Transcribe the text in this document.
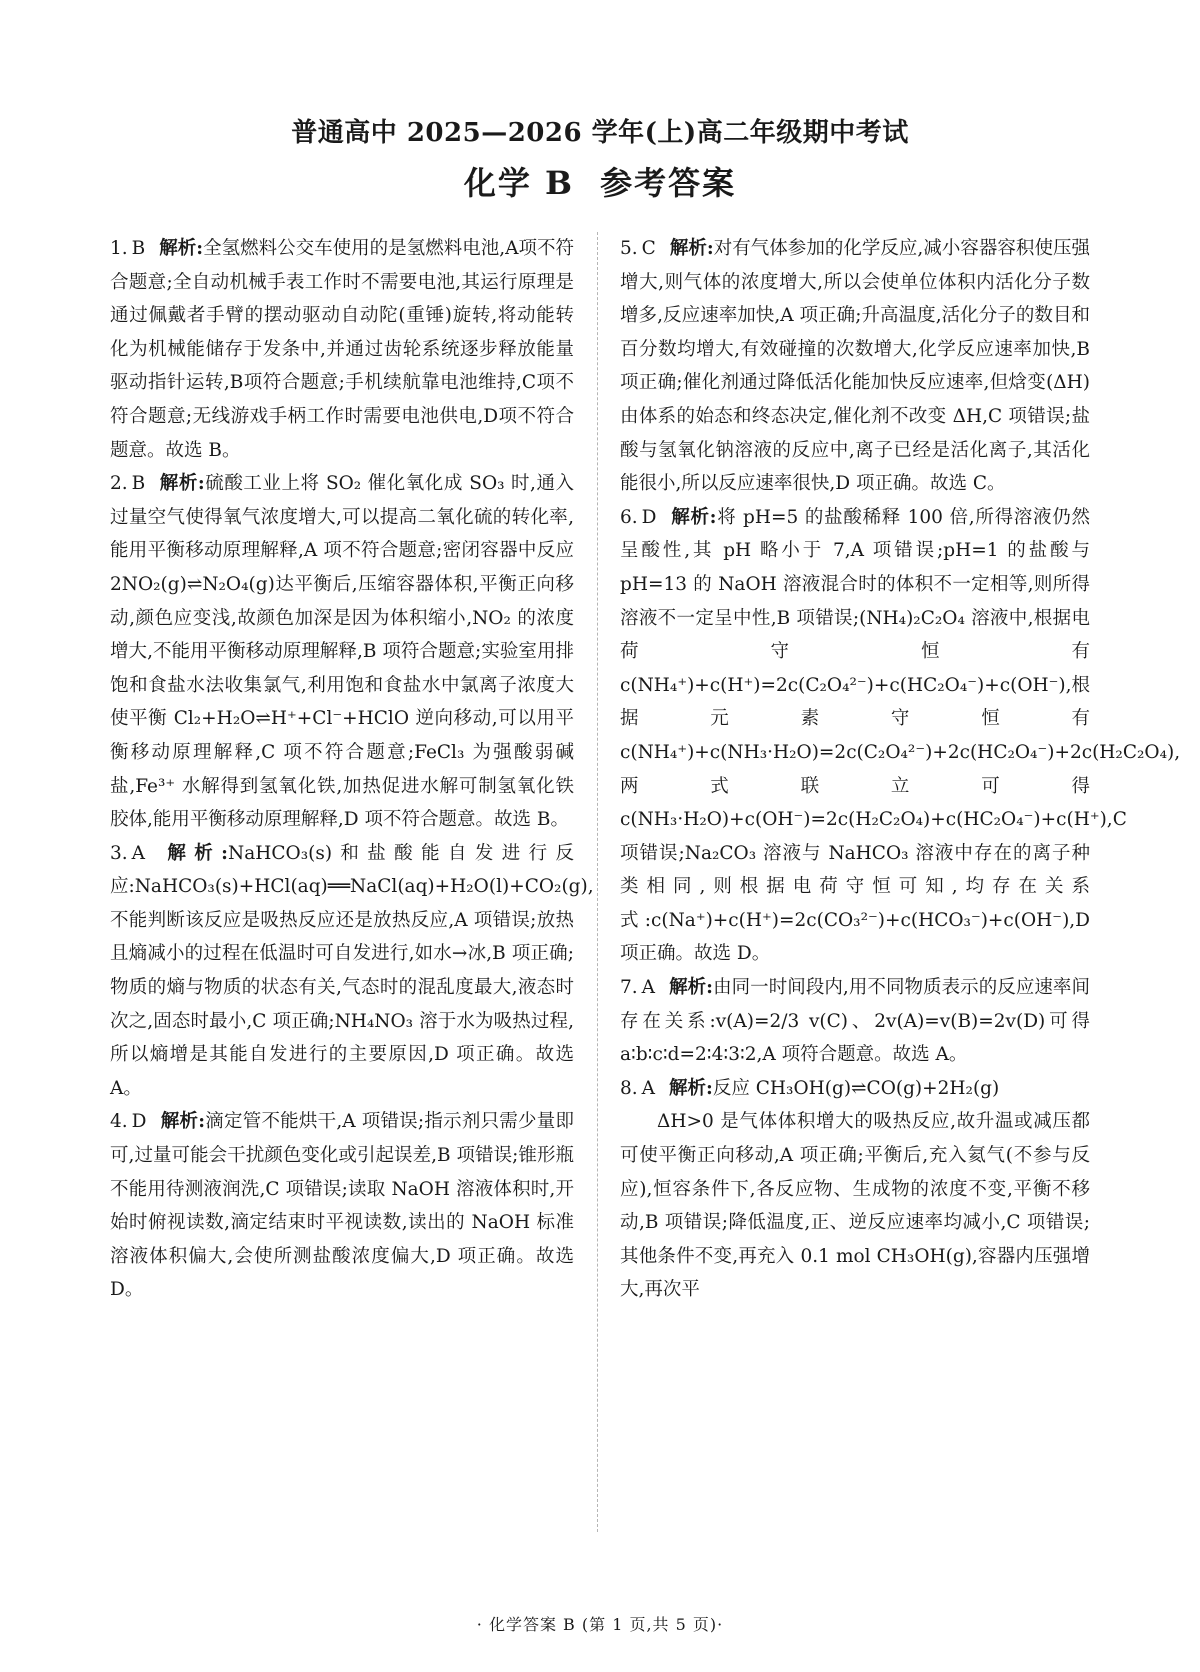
普通高中 2025—2026 学年(上)高二年级期中考试
化学 B 参考答案

1. B 解析:全氢燃料公交车使用的是氢燃料电池,A项不符合题意;全自动机械手表工作时不需要电池,其运行原理是通过佩戴者手臂的摆动驱动自动陀(重锤)旋转,将动能转化为机械能储存于发条中,并通过齿轮系统逐步释放能量驱动指针运转,B项符合题意;手机续航靠电池维持,C项不符合题意;无线游戏手柄工作时需要电池供电,D项不符合题意。故选 B。

2. B 解析:硫酸工业上将 SO₂ 催化氧化成 SO₃ 时,通入过量空气使得氧气浓度增大,可以提高二氧化硫的转化率,能用平衡移动原理解释,A 项不符合题意;密闭容器中反应 2NO₂(g)⇌N₂O₄(g)达平衡后,压缩容器体积,平衡正向移动,颜色应变浅,故颜色加深是因为体积缩小,NO₂ 的浓度增大,不能用平衡移动原理解释,B 项符合题意;实验室用排饱和食盐水法收集氯气,利用饱和食盐水中氯离子浓度大使平衡 Cl₂+H₂O⇌H⁺+Cl⁻+HClO 逆向移动,可以用平衡移动原理解释,C 项不符合题意;FeCl₃ 为强酸弱碱盐,Fe³⁺ 水解得到氢氧化铁,加热促进水解可制氢氧化铁胶体,能用平衡移动原理解释,D 项不符合题意。故选 B。

3. A 解析:NaHCO₃(s)和盐酸能自发进行反应:NaHCO₃(s)+HCl(aq)══NaCl(aq)+H₂O(l)+CO₂(g),不能判断该反应是吸热反应还是放热反应,A 项错误;放热且熵减小的过程在低温时可自发进行,如水→冰,B 项正确;物质的熵与物质的状态有关,气态时的混乱度最大,液态时次之,固态时最小,C 项正确;NH₄NO₃ 溶于水为吸热过程,所以熵增是其能自发进行的主要原因,D 项正确。故选 A。

4. D 解析:滴定管不能烘干,A 项错误;指示剂只需少量即可,过量可能会干扰颜色变化或引起误差,B 项错误;锥形瓶不能用待测液润洗,C 项错误;读取 NaOH 溶液体积时,开始时俯视读数,滴定结束时平视读数,读出的 NaOH 标准溶液体积偏大,会使所测盐酸浓度偏大,D 项正确。故选 D。

5. C 解析:对有气体参加的化学反应,减小容器容积使压强增大,则气体的浓度增大,所以会使单位体积内活化分子数增多,反应速率加快,A 项正确;升高温度,活化分子的数目和百分数均增大,有效碰撞的次数增大,化学反应速率加快,B 项正确;催化剂通过降低活化能加快反应速率,但焓变(ΔH)由体系的始态和终态决定,催化剂不改变 ΔH,C 项错误;盐酸与氢氧化钠溶液的反应中,离子已经是活化离子,其活化能很小,所以反应速率很快,D 项正确。故选 C。

6. D 解析:将 pH=5 的盐酸稀释 100 倍,所得溶液仍然呈酸性,其 pH 略小于 7,A 项错误;pH=1 的盐酸与 pH=13 的 NaOH 溶液混合时的体积不一定相等,则所得溶液不一定呈中性,B 项错误;(NH₄)₂C₂O₄ 溶液中,根据电荷守恒有 c(NH₄⁺)+c(H⁺)=2c(C₂O₄²⁻)+c(HC₂O₄⁻)+c(OH⁻),根据元素守恒有 c(NH₄⁺)+c(NH₃·H₂O)=2c(C₂O₄²⁻)+2c(HC₂O₄⁻)+2c(H₂C₂O₄),两式联立可得 c(NH₃·H₂O)+c(OH⁻)=2c(H₂C₂O₄)+c(HC₂O₄⁻)+c(H⁺),C 项错误;Na₂CO₃ 溶液与 NaHCO₃ 溶液中存在的离子种类相同,则根据电荷守恒可知,均存在关系式:c(Na⁺)+c(H⁺)=2c(CO₃²⁻)+c(HCO₃⁻)+c(OH⁻),D 项正确。故选 D。

7. A 解析:由同一时间段内,用不同物质表示的反应速率间存在关系:v(A)=2/3 v(C)、2v(A)=v(B)=2v(D)可得 a∶b∶c∶d=2∶4∶3∶2,A 项符合题意。故选 A。

8. A 解析:反应 CH₃OH(g)⇌CO(g)+2H₂(g)
ΔH>0 是气体体积增大的吸热反应,故升温或减压都可使平衡正向移动,A 项正确;平衡后,充入氦气(不参与反应),恒容条件下,各反应物、生成物的浓度不变,平衡不移动,B 项错误;降低温度,正、逆反应速率均减小,C 项错误;其他条件不变,再充入 0.1 mol CH₃OH(g),容器内压强增大,再次平

· 化学答案 B (第 1 页,共 5 页)·
